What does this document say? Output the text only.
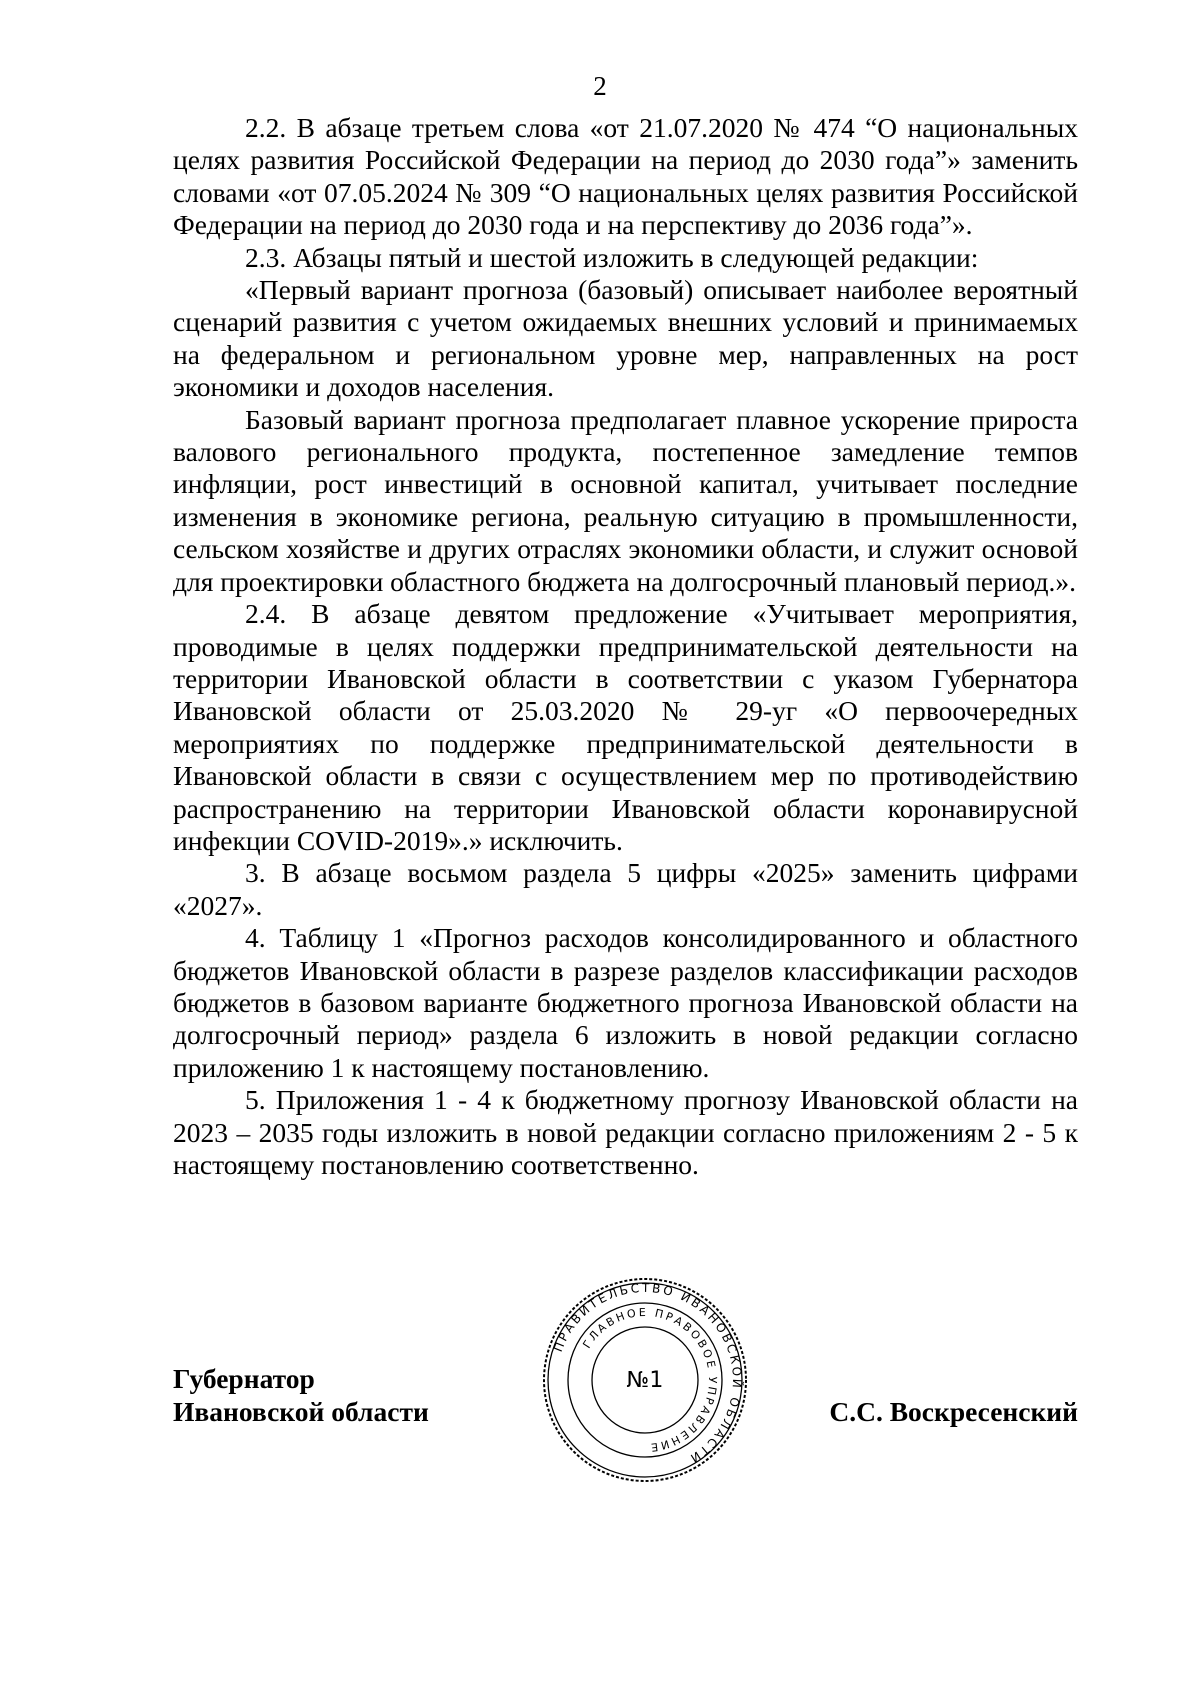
2

2.2. В абзаце третьем слова «от 21.07.2020 № 474 “О национальных целях развития Российской Федерации на период до 2030 года”» заменить словами «от 07.05.2024 № 309 “О национальных целях развития Российской Федерации на период до 2030 года и на перспективу до 2036 года”».

2.3. Абзацы пятый и шестой изложить в следующей редакции:

«Первый вариант прогноза (базовый) описывает наиболее вероятный сценарий развития с учетом ожидаемых внешних условий и принимаемых на федеральном и региональном уровне мер, направленных на рост экономики и доходов населения.

Базовый вариант прогноза предполагает плавное ускорение прироста валового регионального продукта, постепенное замедление темпов инфляции, рост инвестиций в основной капитал, учитывает последние изменения в экономике региона, реальную ситуацию в промышленности, сельском хозяйстве и других отраслях экономики области, и служит основой для проектировки областного бюджета на долгосрочный плановый период.».

2.4. В абзаце девятом предложение «Учитывает мероприятия, проводимые в целях поддержки предпринимательской деятельности на территории Ивановской области в соответствии с указом Губернатора Ивановской области от 25.03.2020 № 29-уг «О первоочередных мероприятиях по поддержке предпринимательской деятельности в Ивановской области в связи с осуществлением мер по противодействию распространению на территории Ивановской области коронавирусной инфекции COVID-2019».» исключить.

3. В абзаце восьмом раздела 5 цифры «2025» заменить цифрами «2027».

4. Таблицу 1 «Прогноз расходов консолидированного и областного бюджетов Ивановской области в разрезе разделов классификации расходов бюджетов в базовом варианте бюджетного прогноза Ивановской области на долгосрочный период» раздела 6 изложить в новой редакции согласно приложению 1 к настоящему постановлению.

5. Приложения 1 - 4 к бюджетному прогнозу Ивановской области на 2023 – 2035 годы изложить в новой редакции согласно приложениям 2 - 5 к настоящему постановлению соответственно.

Губернатор
Ивановской области	С.С. Воскресенский
ПРАВИТЕЛЬСТВО ИВАНОВСКОЙ ОБЛАСТИ
ГЛАВНОЕ ПРАВОВОЕ УПРАВЛЕНИЕ
№1
